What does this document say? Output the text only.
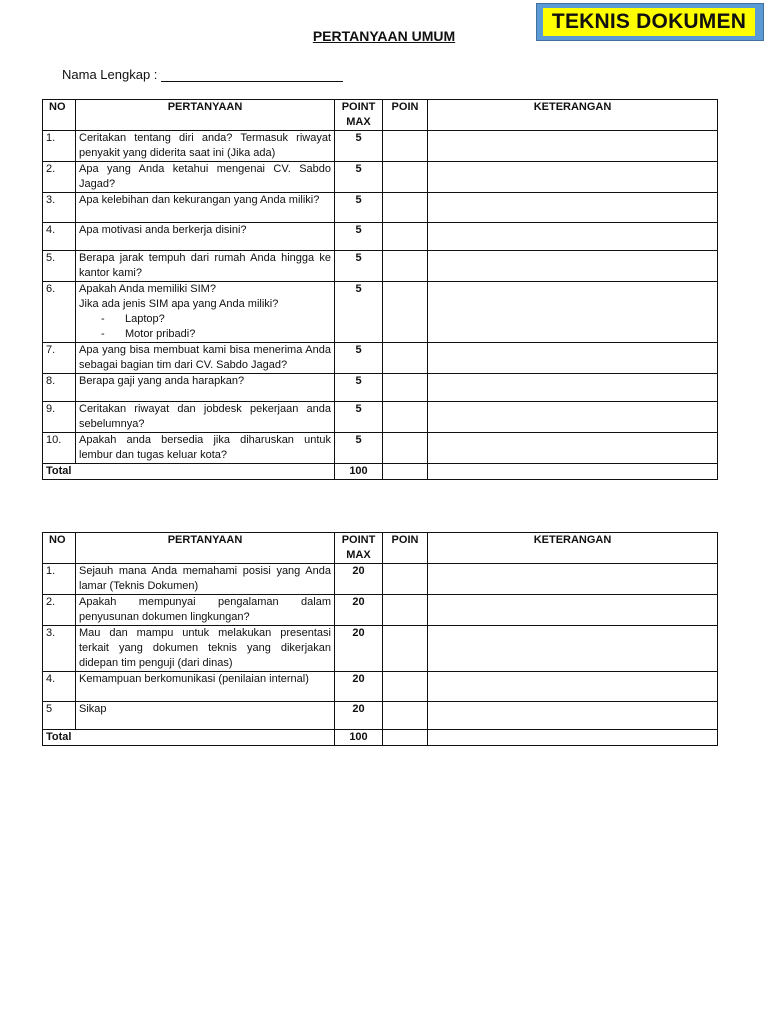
TEKNIS DOKUMEN
PERTANYAAN UMUM
Nama Lengkap :
NO	PERTANYAAN	POINT MAX	POIN	KETERANGAN
1.	Ceritakan tentang diri anda? Termasuk riwayat penyakit yang diderita saat ini (Jika ada)	5		
2.	Apa yang Anda ketahui mengenai CV. Sabdo Jagad?	5		
3.	Apa kelebihan dan kekurangan yang Anda miliki?	5		
4.	Apa motivasi anda berkerja disini?	5		
5.	Berapa jarak tempuh dari rumah Anda hingga ke kantor kami?	5		
6.	Apakah Anda memiliki SIM?
Jika ada jenis SIM apa yang Anda miliki?
- Laptop?
- Motor pribadi?	5		
7.	Apa yang bisa membuat kami bisa menerima Anda sebagai bagian tim dari CV. Sabdo Jagad?	5		
8.	Berapa gaji yang anda harapkan?	5		
9.	Ceritakan riwayat dan jobdesk pekerjaan anda sebelumnya?	5		
10.	Apakah anda bersedia jika diharuskan untuk lembur dan tugas keluar kota?	5		
Total		100		
NO	PERTANYAAN	POINT MAX	POIN	KETERANGAN
1.	Sejauh mana Anda memahami posisi yang Anda lamar (Teknis Dokumen)	20		
2.	Apakah mempunyai pengalaman dalam penyusunan dokumen lingkungan?	20		
3.	Mau dan mampu untuk melakukan presentasi terkait yang dokumen teknis yang dikerjakan didepan tim penguji (dari dinas)	20		
4.	Kemampuan berkomunikasi (penilaian internal)	20		
5	Sikap	20		
Total		100		
